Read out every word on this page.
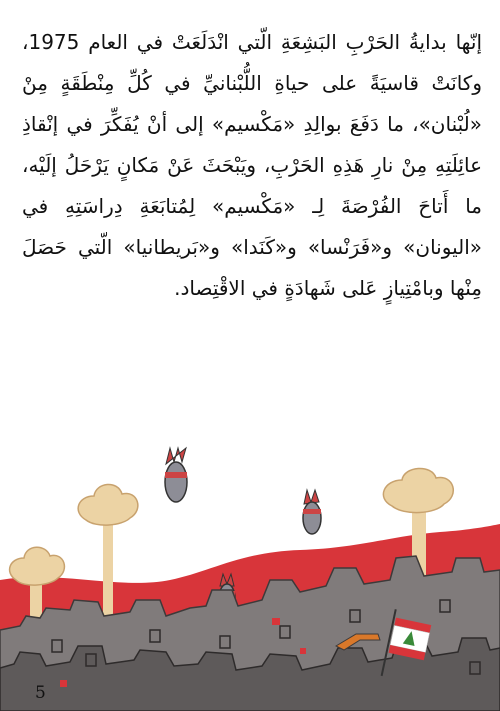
إنّها بدايةُ الحَرْبِ البَشِعَةِ الّتي انْدَلَعَتْ في العام 1975، وكانَتْ قاسيَةً على حياةِ اللُّبْنانيِّ في كُلِّ مِنْطَقَةٍ مِنْ «لُبْنان»، ما دَفَعَ بوالِدِ «مَكْسيم» إلى أنْ يُفَكِّرَ في إنْقاذِ عائِلَتِهِ مِنْ نارِ هَذِهِ الحَرْبِ، ويَبْحَثَ عَنْ مَكانٍ يَرْحَلُ إلَيْه، ما أَتاحَ الفُرْصَةَ لِـ «مَكْسيم» لِمُتابَعَةِ دِراسَتِهِ في «اليونان» و«فَرَنْسا» و«كَنَدا» و«بَريطانيا» الّتي حَصَلَ مِنْها وبامْتِيازٍ عَلى شَهادَةٍ في الاقْتِصاد.

5
